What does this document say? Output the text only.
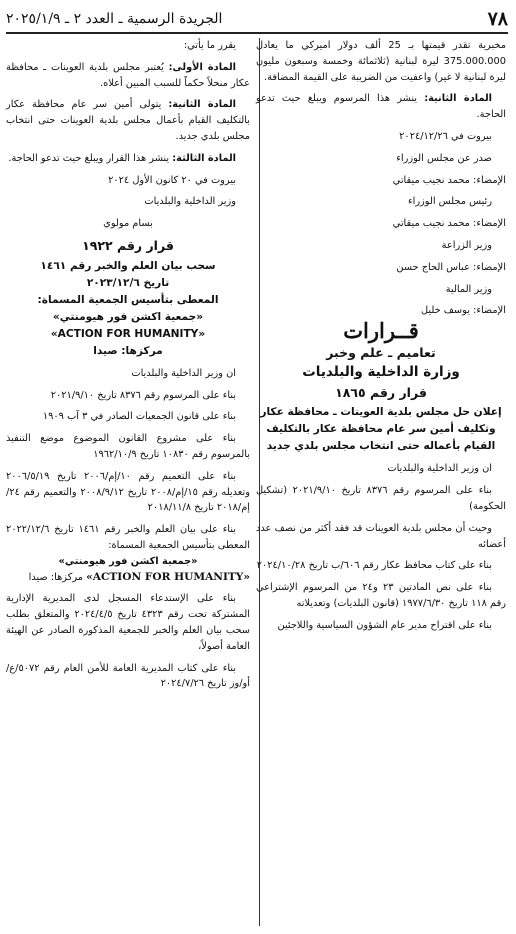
٧٨
الجريدة الرسمية ـ العدد ٢ ـ ٢٠٢٥/١/٩

مخبرية تقدر قيمتها بـ 25 ألف دولار اميركي ما يعادل 375.000.000 ليرة لبنانية (ثلاثمائة وخمسة وسبعون مليون ليرة لبنانية لا غير) واعفيت من الضريبة على القيمة المضافة.

المادة الثانية: ينشر هذا المرسوم ويبلغ حيث تدعو الحاجة.

بيروت في ٢٠٢٤/١٢/٢٦

صدر عن مجلس الوزراء

الإمضاء: محمد نجيب ميقاتي

رئيس مجلس الوزراء

الإمضاء: محمد نجيب ميقاتي

وزير الزراعة

الإمضاء: عباس الحاج حسن

وزير المالية

الإمضاء: يوسف خليل

قــرارات
تعاميم ـ علم وخبر
وزارة الداخلية والبلديات
قرار رقم ١٨٦٥

إعلان حل مجلس بلدية العوينات ـ محافظة عكار وتكليف أمين سر عام محافظة عكار بالتكليف القيام بأعماله حتى انتخاب مجلس بلدي جديد

ان وزير الداخلية والبلديات

بناء على المرسوم رقم ٨٣٧٦ تاريخ ٢٠٢١/٩/١٠ (تشكيل الحكومة)

وحيث أن مجلس بلدية العوينات قد فقد أكثر من نصف عدد أعضائه

بناء على كتاب محافظ عكار رقم ٦٠٦/ب تاريخ ٢٠٢٤/١٠/٢٨

بناء على نص المادتين ٢٣ و٢٤ من المرسوم الإشتراعي رقم ١١٨ تاريخ ١٩٧٧/٦/٣٠ (قانون البلديات) وتعديلاته

بناء على اقتراح مدير عام الشؤون السياسية واللاجئين

يقرر ما يأتي:

المادة الأولى: يُعتبر مجلس بلدية العوينات ـ محافظة عكار منحلاً حكماً للسبب المبين أعلاه.

المادة الثانية: يتولى أمين سر عام محافظة عكار بالتكليف القيام بأعمال مجلس بلدية العوينات حتى انتخاب مجلس بلدي جديد.

المادة الثالثة: ينشر هذا القرار ويبلغ حيث تدعو الحاجة.

بيروت في ٢٠ كانون الأول ٢٠٢٤

وزير الداخلية والبلديات

بسام مولوي

قرار رقم ١٩٢٢

سحب بيان العلم والخبر رقم ١٤٦١

تاريخ ٢٠٢٣/١٢/٦

المعطى بتأسيس الجمعية المسماة:

«جمعية اكشن فور هيومنتي»

«ACTION FOR HUMANITY»

مركزها: صيدا

ان وزير الداخلية والبلديات

بناء على المرسوم رقم ٨٣٧٦ تاريخ ٢٠٢١/٩/١٠

بناء على قانون الجمعيات الصادر في ٣ آب ١٩٠٩

بناء على مشروع القانون الموضوع موضع التنفيذ بالمرسوم رقم ١٠٨٣٠ تاريخ ١٩٦٢/١٠/٩

بناء على التعميم رقم ١٠/إم/٢٠٠٦ تاريخ ٢٠٠٦/٥/١٩ وتعديله رقم ١٥/إم/٢٠٠٨ تاريخ ٢٠٠٨/٩/١٢ والتعميم رقم ٢٤/إم/٢٠١٨ تاريخ ٢٠١٨/١١/٨

بناء على بيان العلم والخبر رقم ١٤٦١ تاريخ ٢٠٢٢/١٢/٦ المعطى بتأسيس الجمعية المسماة:

«جمعية اكشن فور هيومنتي»

«ACTION FOR HUMANITY» مركزها: صيدا

بناء على الإستدعاء المسجل لدى المديرية الإدارية المشتركة تحت رقم ٤٣٢٣ تاريخ ٢٠٢٤/٤/٥ والمتعلق بطلب سحب بيان العلم والخبر للجمعية المذكورة الصادر عن الهيئة العامة أصولاً،

بناء على كتاب المديرية العامة للأمن العام رقم ٥٠٧٢/ع/أو/وز تاريخ ٢٠٢٤/٧/٢٦
